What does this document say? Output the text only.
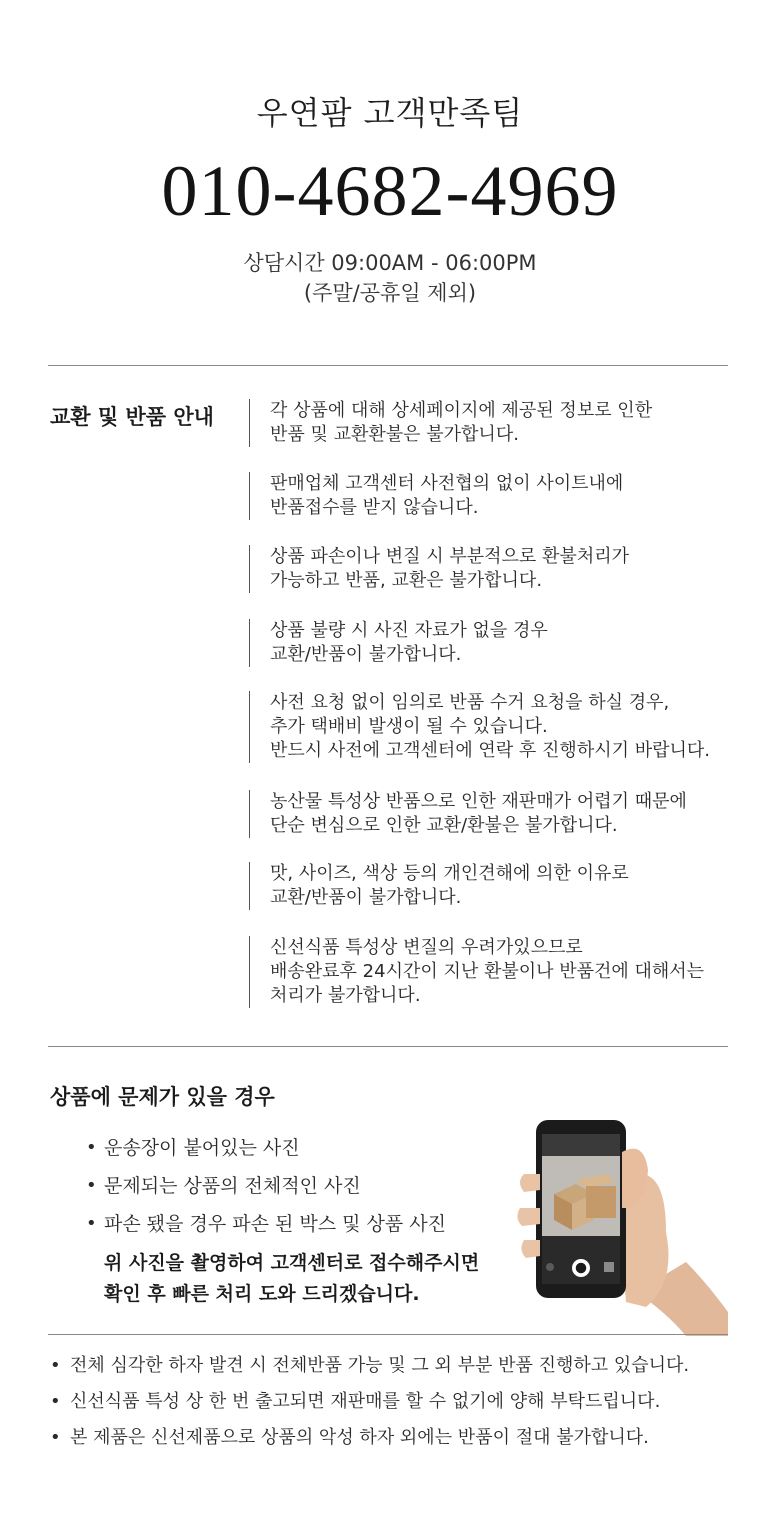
우연팜 고객만족팀
010-4682-4969
상담시간 09:00AM - 06:00PM
(주말/공휴일 제외)
교환 및 반품 안내	각 상품에 대해 상세페이지에 제공된 정보로 인한
반품 및 교환환불은 불가합니다.
판매업체 고객센터 사전협의 없이 사이트내에
반품접수를 받지 않습니다.
상품 파손이나 변질 시 부분적으로 환불처리가
가능하고 반품, 교환은 불가합니다.
상품 불량 시 사진 자료가 없을 경우
교환/반품이 불가합니다.
사전 요청 없이 임의로 반품 수거 요청을 하실 경우,
추가 택배비 발생이 될 수 있습니다.
반드시 사전에 고객센터에 연락 후 진행하시기 바랍니다.
농산물 특성상 반품으로 인한 재판매가 어렵기 때문에
단순 변심으로 인한 교환/환불은 불가합니다.
맛, 사이즈, 색상 등의 개인견해에 의한 이유로
교환/반품이 불가합니다.
신선식품 특성상 변질의 우려가있으므로
배송완료후 24시간이 지난 환불이나 반품건에 대해서는
처리가 불가합니다.
상품에 문제가 있을 경우
• 운송장이 붙어있는 사진
• 문제되는 상품의 전체적인 사진
• 파손 됐을 경우 파손 된 박스 및 상품 사진
위 사진을 촬영하여 고객센터로 접수해주시면
확인 후 빠른 처리 도와 드리겠습니다.
• 전체 심각한 하자 발견 시 전체반품 가능 및 그 외 부분 반품 진행하고 있습니다.
• 신선식품 특성 상 한 번 출고되면 재판매를 할 수 없기에 양해 부탁드립니다.
• 본 제품은 신선제품으로 상품의 악성 하자 외에는 반품이 절대 불가합니다.
